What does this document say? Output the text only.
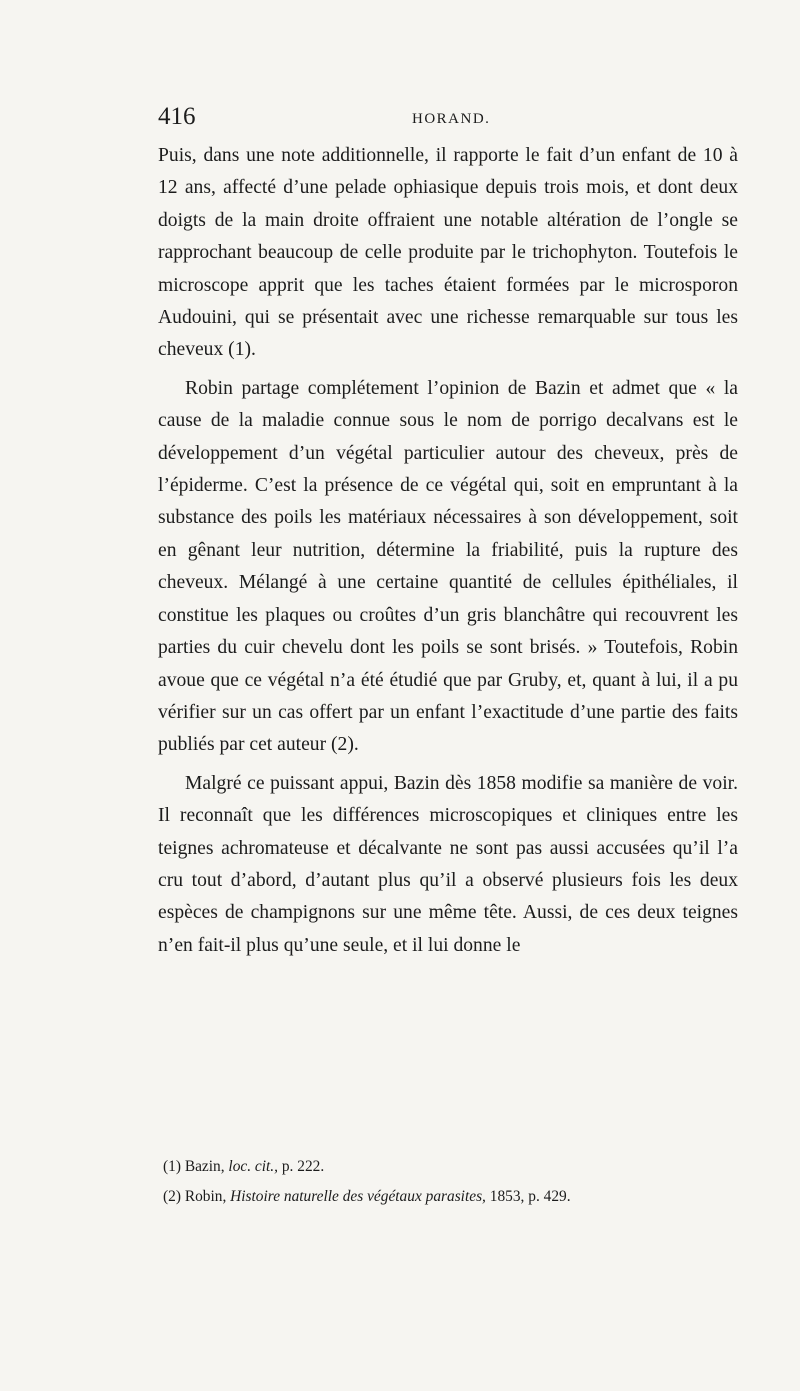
416	HORAND.

Puis, dans une note additionnelle, il rapporte le fait d’un enfant de 10 à 12 ans, affecté d’une pelade ophiasique depuis trois mois, et dont deux doigts de la main droite offraient une notable altération de l’ongle se rapprochant beaucoup de celle produite par le trichophyton. Toutefois le microscope apprit que les taches étaient formées par le microsporon Audouini, qui se présentait avec une richesse remarquable sur tous les cheveux (1).

Robin partage complétement l’opinion de Bazin et admet que « la cause de la maladie connue sous le nom de porrigo decalvans est le développement d’un végétal particulier autour des cheveux, près de l’épiderme. C’est la présence de ce végétal qui, soit en empruntant à la substance des poils les matériaux nécessaires à son développement, soit en gênant leur nutrition, détermine la friabilité, puis la rupture des cheveux. Mélangé à une certaine quantité de cellules épithéliales, il constitue les plaques ou croûtes d’un gris blanchâtre qui recouvrent les parties du cuir chevelu dont les poils se sont brisés. » Toutefois, Robin avoue que ce végétal n’a été étudié que par Gruby, et, quant à lui, il a pu vérifier sur un cas offert par un enfant l’exactitude d’une partie des faits publiés par cet auteur (2).

Malgré ce puissant appui, Bazin dès 1858 modifie sa manière de voir. Il reconnaît que les différences microscopiques et cliniques entre les teignes achromateuse et décalvante ne sont pas aussi accusées qu’il l’a cru tout d’abord, d’autant plus qu’il a observé plusieurs fois les deux espèces de champignons sur une même tête. Aussi, de ces deux teignes n’en fait-il plus qu’une seule, et il lui donne le

(1) Bazin, loc. cit., p. 222.

(2) Robin, Histoire naturelle des végétaux parasites, 1853, p. 429.
